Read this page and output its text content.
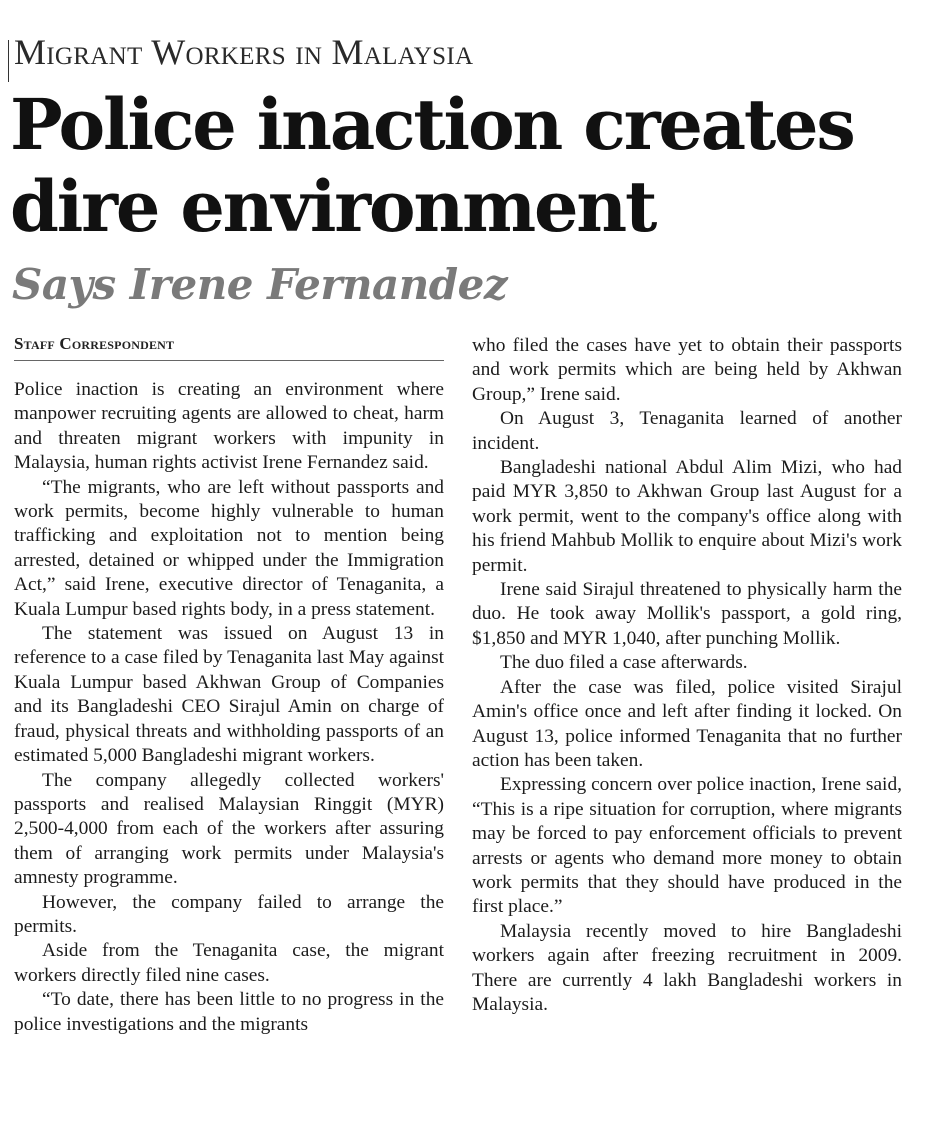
Migrant Workers in Malaysia
Police inaction creates dire environment
Says Irene Fernandez
Staff Correspondent

Police inaction is creating an environment where manpower recruiting agents are allowed to cheat, harm and threaten migrant workers with impunity in Malaysia, human rights activist Irene Fernandez said.

“The migrants, who are left without passports and work permits, become highly vulnerable to human trafficking and exploitation not to mention being arrested, detained or whipped under the Immigration Act,” said Irene, executive director of Tenaganita, a Kuala Lumpur based rights body, in a press statement.

The statement was issued on August 13 in reference to a case filed by Tenaganita last May against Kuala Lumpur based Akhwan Group of Companies and its Bangladeshi CEO Sirajul Amin on charge of fraud, physical threats and withholding passports of an estimated 5,000 Bangladeshi migrant workers.

The company allegedly collected workers' passports and realised Malaysian Ringgit (MYR) 2,500-4,000 from each of the workers after assuring them of arranging work permits under Malaysia's amnesty programme.

However, the company failed to arrange the permits.

Aside from the Tenaganita case, the migrant workers directly filed nine cases.

“To date, there has been little to no progress in the police investigations and the migrants

who filed the cases have yet to obtain their passports and work permits which are being held by Akhwan Group,” Irene said.

On August 3, Tenaganita learned of another incident.

Bangladeshi national Abdul Alim Mizi, who had paid MYR 3,850 to Akhwan Group last August for a work permit, went to the company's office along with his friend Mahbub Mollik to enquire about Mizi's work permit.

Irene said Sirajul threatened to physically harm the duo. He took away Mollik's passport, a gold ring, $1,850 and MYR 1,040, after punching Mollik.

The duo filed a case afterwards.

After the case was filed, police visited Sirajul Amin's office once and left after finding it locked. On August 13, police informed Tenaganita that no further action has been taken.

Expressing concern over police inaction, Irene said, “This is a ripe situation for corruption, where migrants may be forced to pay enforcement officials to prevent arrests or agents who demand more money to obtain work permits that they should have produced in the first place.”

Malaysia recently moved to hire Bangladeshi workers again after freezing recruitment in 2009. There are currently 4 lakh Bangladeshi workers in Malaysia.
